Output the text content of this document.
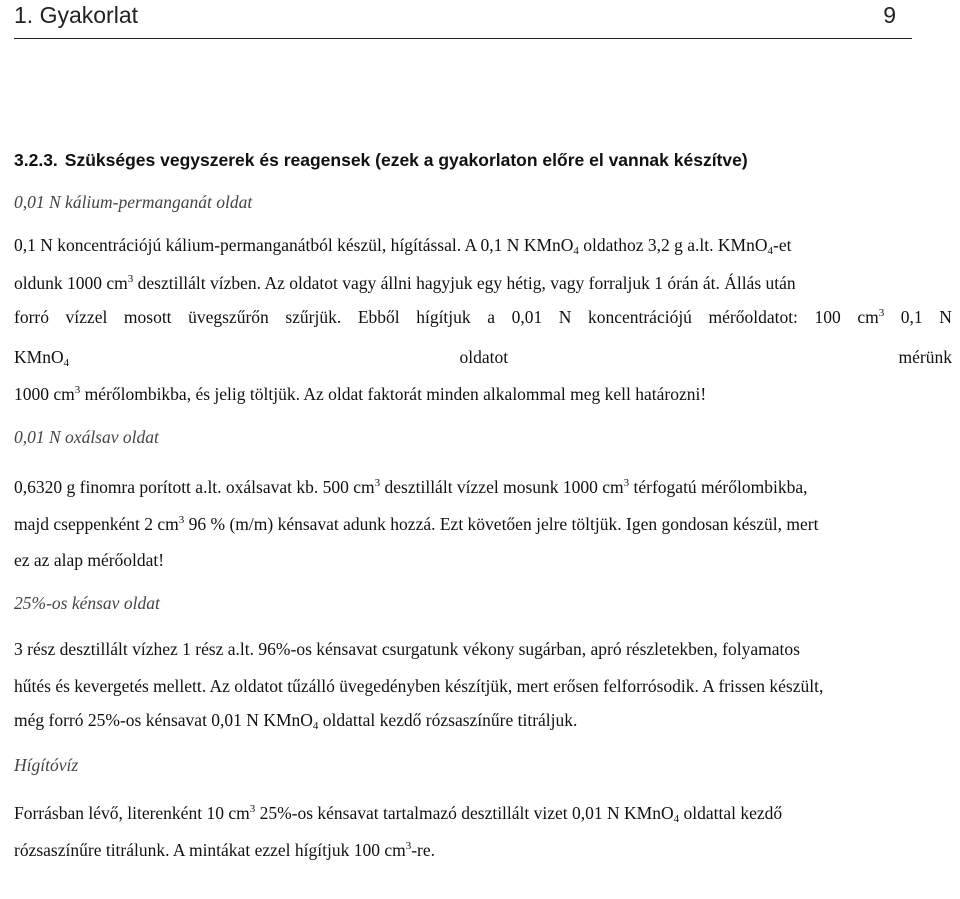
1. Gyakorlat	9
3.2.3. Szükséges vegyszerek és reagensek (ezek a gyakorlaton előre el vannak készítve)
0,01 N kálium-permanganát oldat
0,1 N koncentrációjú kálium-permanganátból készül, hígítással. A 0,1 N KMnO$_4$ oldathoz 3,2 g a.lt. KMnO$_4$-et
oldunk 1000 $cm^3$ desztillált vízben. Az oldatot vagy állni hagyjuk egy hétig, vagy forraljuk 1 órán át. Állás után
forró vízzel mosott üvegszűrőn szűrjük. Ebből hígítjuk a 0,01 N koncentrációjú mérőoldatot: 100 $cm^3$ 0,1 N
KMnO$_4$	oldatot	mérünk
1000 $cm^3$ mérőlombikba, és jelig töltjük. Az oldat faktorát minden alkalommal meg kell határozni!
0,01 N oxálsav oldat
0,6320 g finomra porított a.lt. oxálsavat kb. 500 $cm^3$ desztillált vízzel mosunk 1000 $cm^3$ térfogatú mérőlombikba,
majd cseppenként 2 $cm^3$ 96 % (m/m) kénsavat adunk hozzá. Ezt követően jelre töltjük. Igen gondosan készül, mert
ez az alap mérőoldat!
25%-os kénsav oldat
3 rész desztillált vízhez 1 rész a.lt. 96%-os kénsavat csurgatunk vékony sugárban, apró részletekben, folyamatos
hűtés és kevergetés mellett. Az oldatot tűzálló üvegedényben készítjük, mert erősen felforrósodik. A frissen készült,
még forró 25%-os kénsavat 0,01 N KMnO$_4$ oldattal kezdő rózsaszínűre titráljuk.
Hígítóvíz
Forrásban lévő, literenként 10 $cm^3$ 25%-os kénsavat tartalmazó desztillált vizet 0,01 N KMnO$_4$ oldattal kezdő
rózsaszínűre titrálunk. A mintákat ezzel hígítjuk 100 $cm^3-re$.
